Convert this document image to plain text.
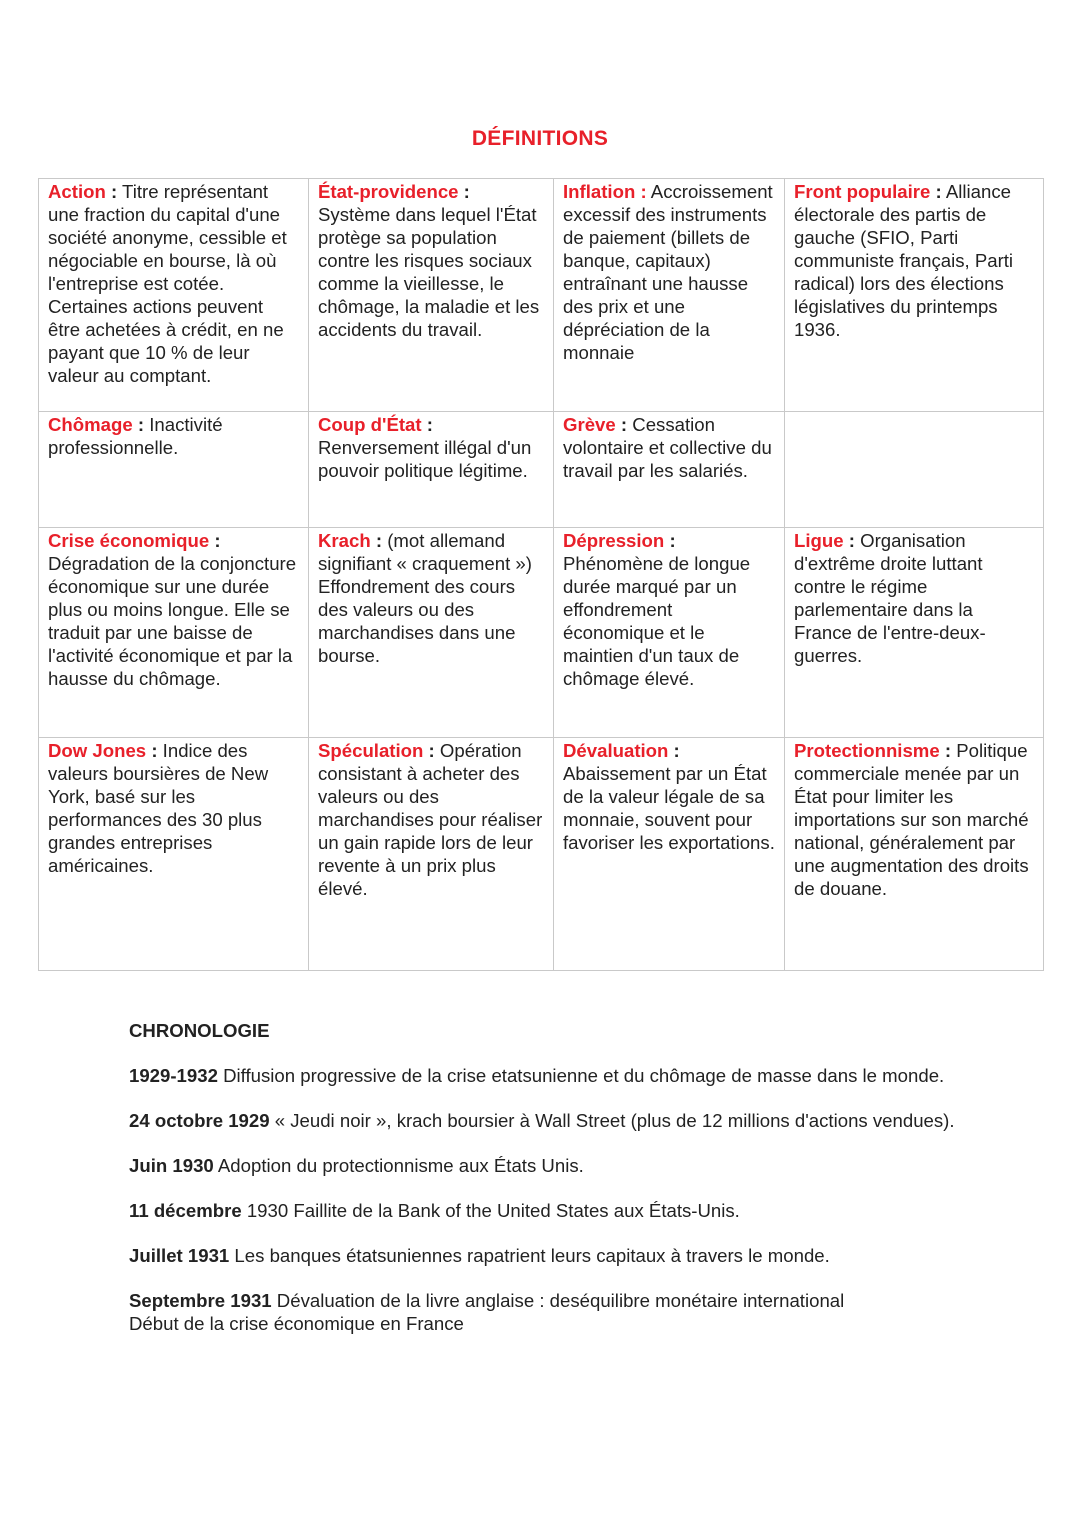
DÉFINITIONS
Action : Titre représentant une fraction du capital d'une société anonyme, cessible et négociable en bourse, là où l'entreprise est cotée. Certaines actions peuvent être achetées à crédit, en ne payant que 10 % de leur valeur au comptant.	État-providence : Système dans lequel l'État protège sa population contre les risques sociaux comme la vieillesse, le chômage, la maladie et les accidents du travail.	Inflation : Accroissement excessif des instruments de paiement (billets de banque, capitaux) entraînant une hausse des prix et une dépréciation de la monnaie	Front populaire : Alliance électorale des partis de gauche (SFIO, Parti communiste français, Parti radical) lors des élections législatives du printemps 1936.
Chômage : Inactivité professionnelle.	Coup d'État : Renversement illégal d'un pouvoir politique légitime.	Grève : Cessation volontaire et collective du travail par les salariés.	
Crise économique : Dégradation de la conjoncture économique sur une durée plus ou moins longue. Elle se traduit par une baisse de l'activité économique et par la hausse du chômage.	Krach : (mot allemand signifiant « craquement ») Effondrement des cours des valeurs ou des marchandises dans une bourse.	Dépression : Phénomène de longue durée marqué par un effondrement économique et le maintien d'un taux de chômage élevé.	Ligue : Organisation d'extrême droite luttant contre le régime parlementaire dans la France de l'entre-deux-guerres.
Dow Jones : Indice des valeurs boursières de New York, basé sur les performances des 30 plus grandes entreprises américaines.	Spéculation : Opération consistant à acheter des valeurs ou des marchandises pour réaliser un gain rapide lors de leur revente à un prix plus élevé.	Dévaluation : Abaissement par un État de la valeur légale de sa monnaie, souvent pour favoriser les exportations.	Protectionnisme : Politique commerciale menée par un État pour limiter les importations sur son marché national, généralement par une augmentation des droits de douane.
CHRONOLOGIE
1929-1932 Diffusion progressive de la crise etatsunienne et du chômage de masse dans le monde.
24 octobre 1929 « Jeudi noir », krach boursier à Wall Street (plus de 12 millions d'actions vendues).
Juin 1930 Adoption du protectionnisme aux États Unis.
11 décembre 1930 Faillite de la Bank of the United States aux États-Unis.
Juillet 1931 Les banques étatsuniennes rapatrient leurs capitaux à travers le monde.
Septembre 1931 Dévaluation de la livre anglaise : deséquilibre monétaire international
Début de la crise économique en France
